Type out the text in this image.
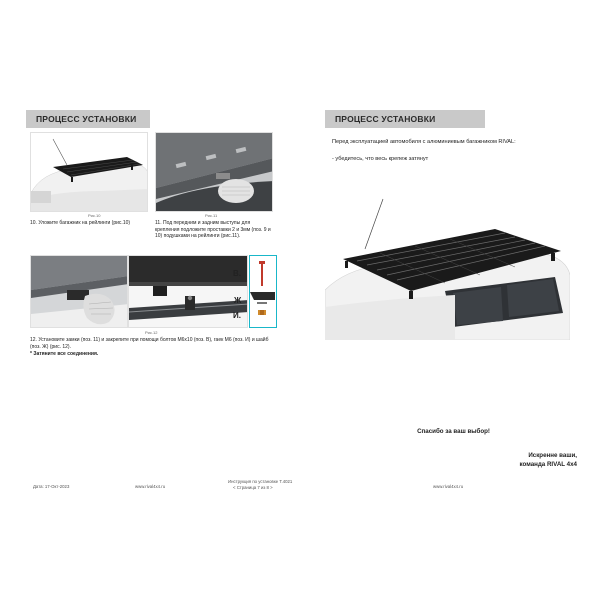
ПРОЦЕСС УСТАНОВКИ
Рис.10	Рис.11
10. Уложите багажник на рейлинги (рис.10)	11. Под передним и задним выступы для крепления подложите проставки 2 и 3мм (поз. 9 и 10) подушками на рейлинги (рис.11).
В.
Ж
И.
Рис.12
12. Установите замки (поз. 11) и закрепите при помощи болтов M6х10 (поз. В), гаек M6 (поз. И) и шайб (поз. Ж) (рис. 12).
* Затяните все соединения.
Дата: 17-Окт-2023	www.rival4x4.ru
Инструкция по установке Т.4021
< Страница 7 из 8 >
ПРОЦЕСС УСТАНОВКИ
Перед эксплуатацией автомобиля с алюминиевым багажником RIVAL:
- убедитесь, что весь крепеж затянут
Спасибо за ваш выбор!
Искренне ваши,
команда RIVAL 4x4
www.rival4x4.ru
